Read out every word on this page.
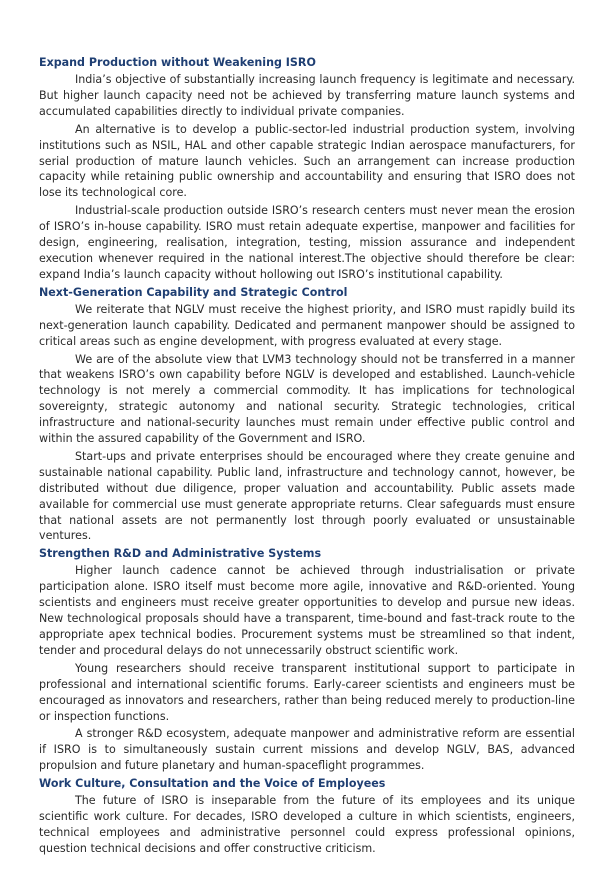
Expand Production without Weakening ISRO

India’s objective of substantially increasing launch frequency is legitimate and necessary. But higher launch capacity need not be achieved by transferring mature launch systems and accumulated capabilities directly to individual private companies.

An alternative is to develop a public-sector-led industrial production system, involving institutions such as NSIL, HAL and other capable strategic Indian aerospace manufacturers, for serial production of mature launch vehicles. Such an arrangement can increase production capacity while retaining public ownership and accountability and ensuring that ISRO does not lose its technological core.

Industrial-scale production outside ISRO’s research centers must never mean the erosion of ISRO’s in-house capability. ISRO must retain adequate expertise, manpower and facilities for design, engineering, realisation, integration, testing, mission assurance and independent execution whenever required in the national interest.The objective should therefore be clear: expand India’s launch capacity without hollowing out ISRO’s institutional capability.

Next-Generation Capability and Strategic Control

We reiterate that NGLV must receive the highest priority, and ISRO must rapidly build its next-generation launch capability. Dedicated and permanent manpower should be assigned to critical areas such as engine development, with progress evaluated at every stage.

We are of the absolute view that LVM3 technology should not be transferred in a manner that weakens ISRO’s own capability before NGLV is developed and established. Launch-vehicle technology is not merely a commercial commodity. It has implications for technological sovereignty, strategic autonomy and national security. Strategic technologies, critical infrastructure and national-security launches must remain under effective public control and within the assured capability of the Government and ISRO.

Start-ups and private enterprises should be encouraged where they create genuine and sustainable national capability. Public land, infrastructure and technology cannot, however, be distributed without due diligence, proper valuation and accountability. Public assets made available for commercial use must generate appropriate returns. Clear safeguards must ensure that national assets are not permanently lost through poorly evaluated or unsustainable ventures.

Strengthen R&D and Administrative Systems

Higher launch cadence cannot be achieved through industrialisation or private participation alone. ISRO itself must become more agile, innovative and R&D-oriented. Young scientists and engineers must receive greater opportunities to develop and pursue new ideas. New technological proposals should have a transparent, time-bound and fast-track route to the appropriate apex technical bodies. Procurement systems must be streamlined so that indent, tender and procedural delays do not unnecessarily obstruct scientific work.

Young researchers should receive transparent institutional support to participate in professional and international scientific forums. Early-career scientists and engineers must be encouraged as innovators and researchers, rather than being reduced merely to production-line or inspection functions.

A stronger R&D ecosystem, adequate manpower and administrative reform are essential if ISRO is to simultaneously sustain current missions and develop NGLV, BAS, advanced propulsion and future planetary and human-spaceflight programmes.

Work Culture, Consultation and the Voice of Employees

The future of ISRO is inseparable from the future of its employees and its unique scientific work culture. For decades, ISRO developed a culture in which scientists, engineers, technical employees and administrative personnel could express professional opinions, question technical decisions and offer constructive criticism.
